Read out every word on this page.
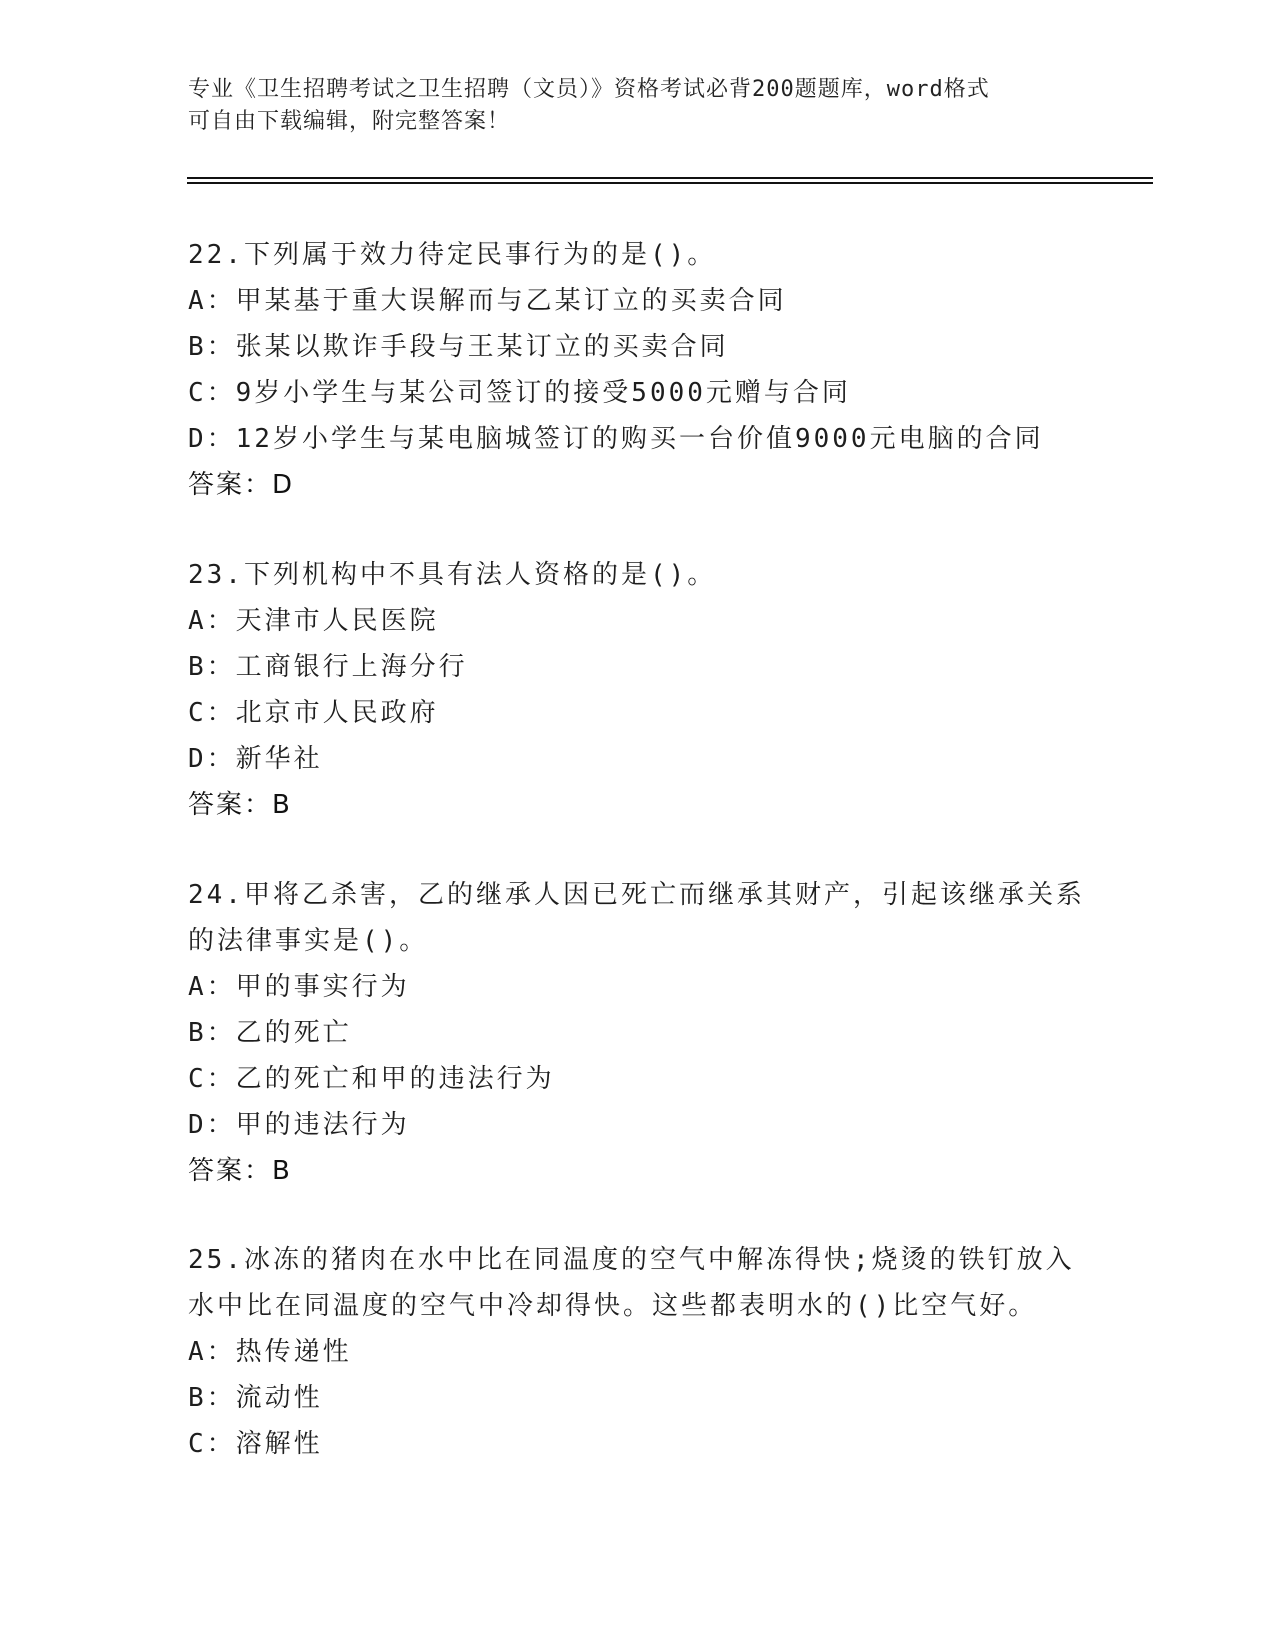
专业《卫生招聘考试之卫生招聘（文员）》资格考试必背200题题库，word格式
可自由下载编辑，附完整答案！
22.下列属于效力待定民事行为的是()。
A：甲某基于重大误解而与乙某订立的买卖合同
B：张某以欺诈手段与王某订立的买卖合同
C：9岁小学生与某公司签订的接受5000元赠与合同
D：12岁小学生与某电脑城签订的购买一台价值9000元电脑的合同
答案：D
23.下列机构中不具有法人资格的是()。
A：天津市人民医院
B：工商银行上海分行
C：北京市人民政府
D：新华社
答案：B
24.甲将乙杀害，乙的继承人因已死亡而继承其财产，引起该继承关系
的法律事实是()。
A：甲的事实行为
B：乙的死亡
C：乙的死亡和甲的违法行为
D：甲的违法行为
答案：B
25.冰冻的猪肉在水中比在同温度的空气中解冻得快;烧烫的铁钉放入
水中比在同温度的空气中冷却得快。这些都表明水的()比空气好。
A：热传递性
B：流动性
C：溶解性
